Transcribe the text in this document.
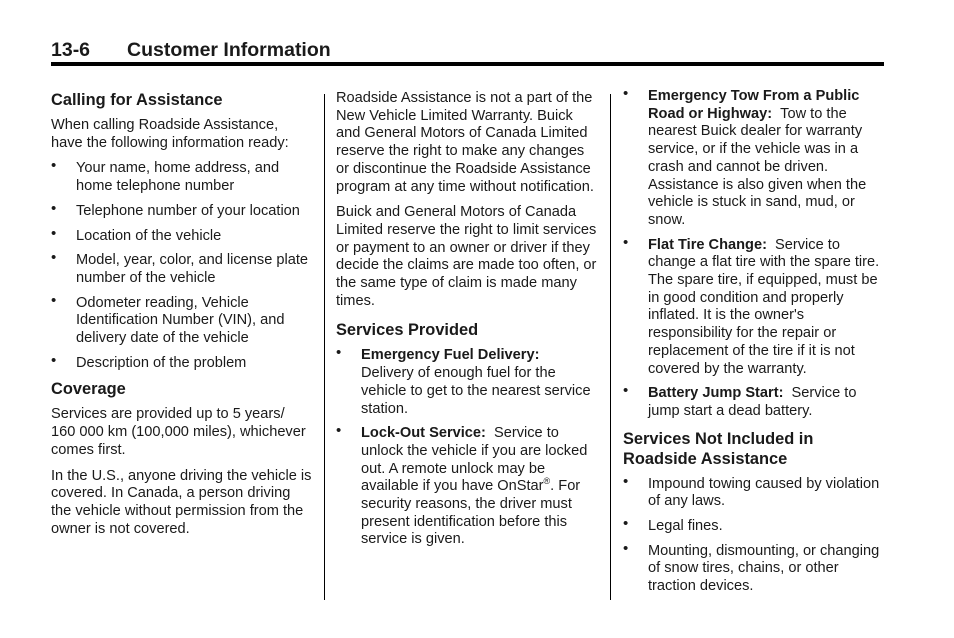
13-6 Customer Information
Calling for Assistance

When calling Roadside Assistance, have the following information ready:

• Your name, home address, and home telephone number
• Telephone number of your location
• Location of the vehicle
• Model, year, color, and license plate number of the vehicle
• Odometer reading, Vehicle Identification Number (VIN), and delivery date of the vehicle
• Description of the problem
Coverage

Services are provided up to 5 years/ 160 000 km (100,000 miles), whichever comes first.

In the U.S., anyone driving the vehicle is covered. In Canada, a person driving the vehicle without permission from the owner is not covered.

Roadside Assistance is not a part of the New Vehicle Limited Warranty. Buick and General Motors of Canada Limited reserve the right to make any changes or discontinue the Roadside Assistance program at any time without notification.

Buick and General Motors of Canada Limited reserve the right to limit services or payment to an owner or driver if they decide the claims are made too often, or the same type of claim is made many times.

Services Provided
• Emergency Fuel Delivery:
Delivery of enough fuel for the vehicle to get to the nearest service station.
• Lock-Out Service: Service to unlock the vehicle if you are locked out. A remote unlock may be available if you have OnStar®. For security reasons, the driver must present identification before this service is given.
• Emergency Tow From a Public Road or Highway: Tow to the nearest Buick dealer for warranty service, or if the vehicle was in a crash and cannot be driven. Assistance is also given when the vehicle is stuck in sand, mud, or snow.
• Flat Tire Change: Service to change a flat tire with the spare tire. The spare tire, if equipped, must be in good condition and properly inflated. It is the owner's responsibility for the repair or replacement of the tire if it is not covered by the warranty.
• Battery Jump Start: Service to jump start a dead battery.
Services Not Included in Roadside Assistance
• Impound towing caused by violation of any laws.
• Legal fines.
• Mounting, dismounting, or changing of snow tires, chains, or other traction devices.
